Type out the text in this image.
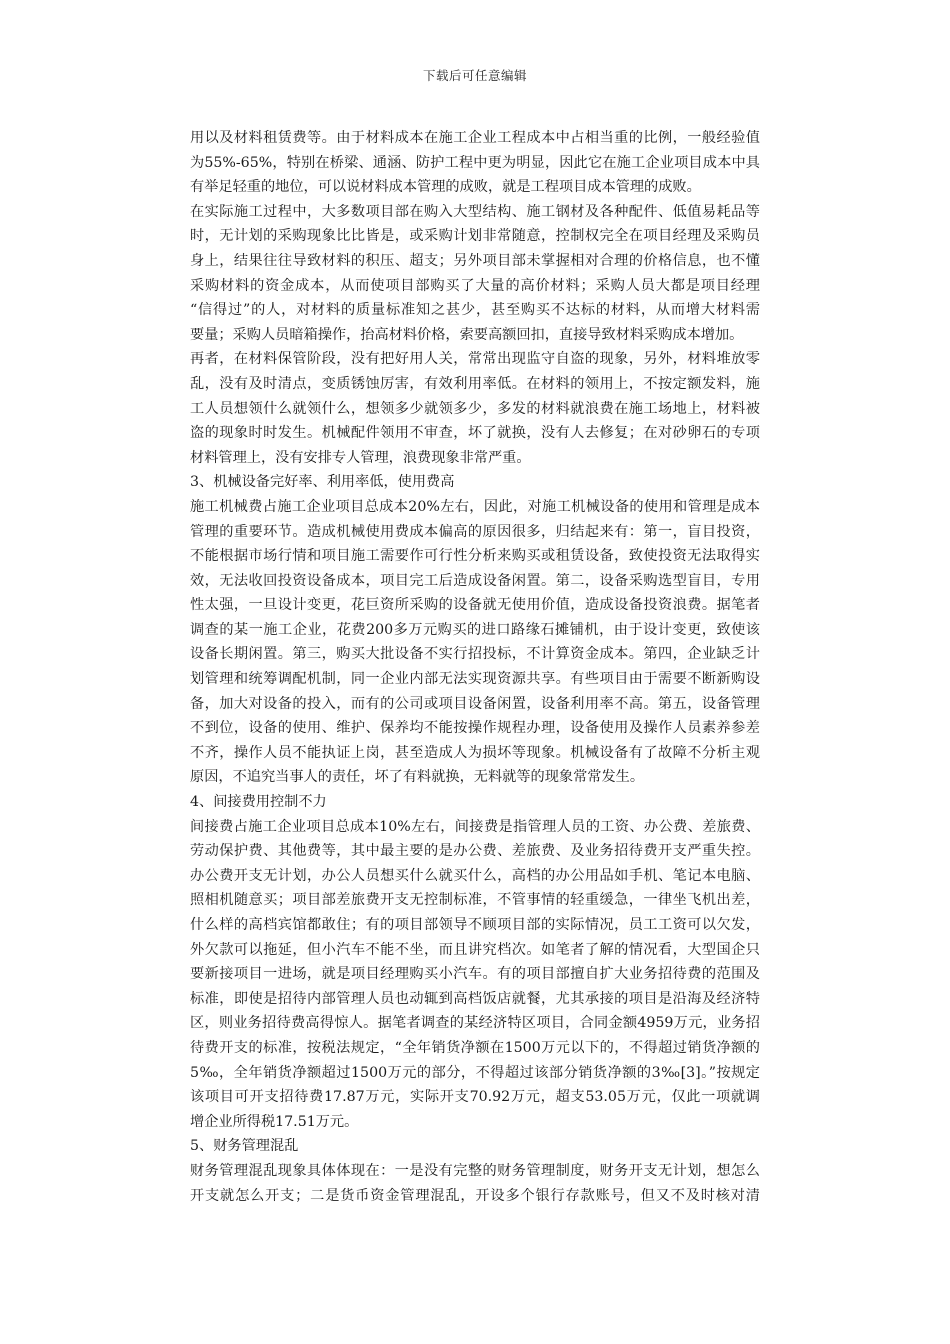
下载后可任意编辑
用以及材料租赁费等。由于材料成本在施工企业工程成本中占相当重的比例，一般经验值
为55%-65%，特别在桥梁、通涵、防护工程中更为明显，因此它在施工企业项目成本中具
有举足轻重的地位，可以说材料成本管理的成败，就是工程项目成本管理的成败。
在实际施工过程中，大多数项目部在购入大型结构、施工钢材及各种配件、低值易耗品等
时，无计划的采购现象比比皆是，或采购计划非常随意，控制权完全在项目经理及采购员
身上，结果往往导致材料的积压、超支；另外项目部未掌握相对合理的价格信息，也不懂
采购材料的资金成本，从而使项目部购买了大量的高价材料；采购人员大都是项目经理
“信得过”的人，对材料的质量标准知之甚少，甚至购买不达标的材料，从而增大材料需
要量；采购人员暗箱操作，抬高材料价格，索要高额回扣，直接导致材料采购成本增加。
再者，在材料保管阶段，没有把好用人关，常常出现监守自盗的现象，另外，材料堆放零
乱，没有及时清点，变质锈蚀厉害，有效利用率低。在材料的领用上，不按定额发料，施
工人员想领什么就领什么，想领多少就领多少，多发的材料就浪费在施工场地上，材料被
盗的现象时时发生。机械配件领用不审查，坏了就换，没有人去修复；在对砂卵石的专项
材料管理上，没有安排专人管理，浪费现象非常严重。
3、机械设备完好率、利用率低，使用费高
施工机械费占施工企业项目总成本20%左右，因此，对施工机械设备的使用和管理是成本
管理的重要环节。造成机械使用费成本偏高的原因很多，归结起来有：第一，盲目投资，
不能根据市场行情和项目施工需要作可行性分析来购买或租赁设备，致使投资无法取得实
效，无法收回投资设备成本，项目完工后造成设备闲置。第二，设备采购选型盲目，专用
性太强，一旦设计变更，花巨资所采购的设备就无使用价值，造成设备投资浪费。据笔者
调查的某一施工企业，花费200多万元购买的进口路缘石摊铺机，由于设计变更，致使该
设备长期闲置。第三，购买大批设备不实行招投标，不计算资金成本。第四，企业缺乏计
划管理和统筹调配机制，同一企业内部无法实现资源共享。有些项目由于需要不断新购设
备，加大对设备的投入，而有的公司或项目设备闲置，设备利用率不高。第五，设备管理
不到位，设备的使用、维护、保养均不能按操作规程办理，设备使用及操作人员素养参差
不齐，操作人员不能执证上岗，甚至造成人为损坏等现象。机械设备有了故障不分析主观
原因，不追究当事人的责任，坏了有料就换，无料就等的现象常常发生。
4、间接费用控制不力
间接费占施工企业项目总成本10%左右，间接费是指管理人员的工资、办公费、差旅费、
劳动保护费、其他费等，其中最主要的是办公费、差旅费、及业务招待费开支严重失控。
办公费开支无计划，办公人员想买什么就买什么，高档的办公用品如手机、笔记本电脑、
照相机随意买；项目部差旅费开支无控制标准，不管事情的轻重缓急，一律坐飞机出差，
什么样的高档宾馆都敢住；有的项目部领导不顾项目部的实际情况，员工工资可以欠发，
外欠款可以拖延，但小汽车不能不坐，而且讲究档次。如笔者了解的情况看，大型国企只
要新接项目一进场，就是项目经理购买小汽车。有的项目部擅自扩大业务招待费的范围及
标准，即使是招待内部管理人员也动辄到高档饭店就餐，尤其承接的项目是沿海及经济特
区，则业务招待费高得惊人。据笔者调查的某经济特区项目，合同金额4959万元，业务招
待费开支的标准，按税法规定，“全年销货净额在1500万元以下的，不得超过销货净额的
5‰，全年销货净额超过1500万元的部分，不得超过该部分销货净额的3‰[3]。”按规定
该项目可开支招待费17.87万元，实际开支70.92万元，超支53.05万元，仅此一项就调
增企业所得税17.51万元。
5、财务管理混乱
财务管理混乱现象具体体现在：一是没有完整的财务管理制度，财务开支无计划，想怎么
开支就怎么开支；二是货币资金管理混乱，开设多个银行存款账号，但又不及时核对清
